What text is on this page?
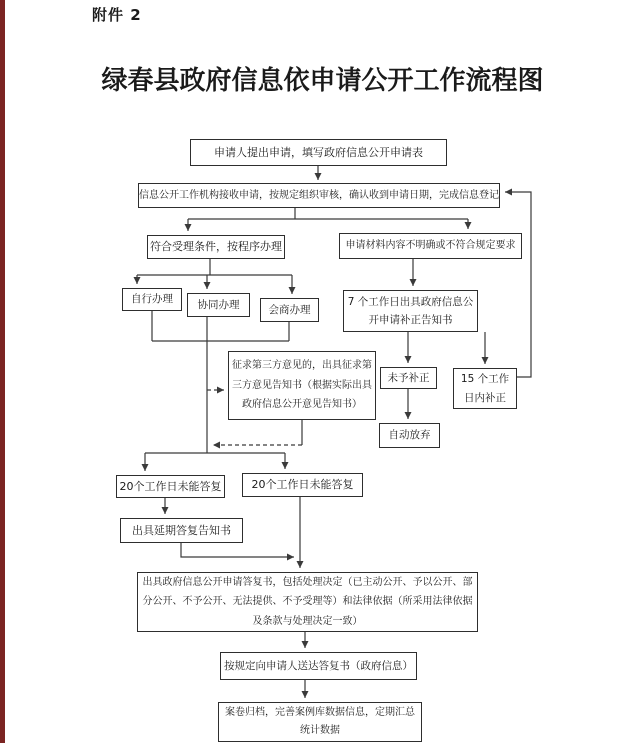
附件 2
绿春县政府信息依申请公开工作流程图
申请人提出申请，填写政府信息公开申请表
信息公开工作机构接收申请，按规定组织审核，确认收到申请日期，完成信息登记
符合受理条件，按程序办理	申请材料内容不明确或不符合规定要求
自行办理	协同办理	会商办理
7 个工作日出具政府信息公开申请补正告知书
征求第三方意见的，出具征求第三方意见告知书（根据实际出具政府信息公开意见告知书）
未予补正	15 个工作日内补正
自动放弃
20个工作日未能答复	20个工作日未能答复
出具延期答复告知书
出具政府信息公开申请答复书，包括处理决定（已主动公开、予以公开、部分公开、不予公开、无法提供、不予受理等）和法律依据（所采用法律依据及条款与处理决定一致）
按规定向申请人送达答复书（政府信息）
案卷归档，完善案例库数据信息，定期汇总统计数据
